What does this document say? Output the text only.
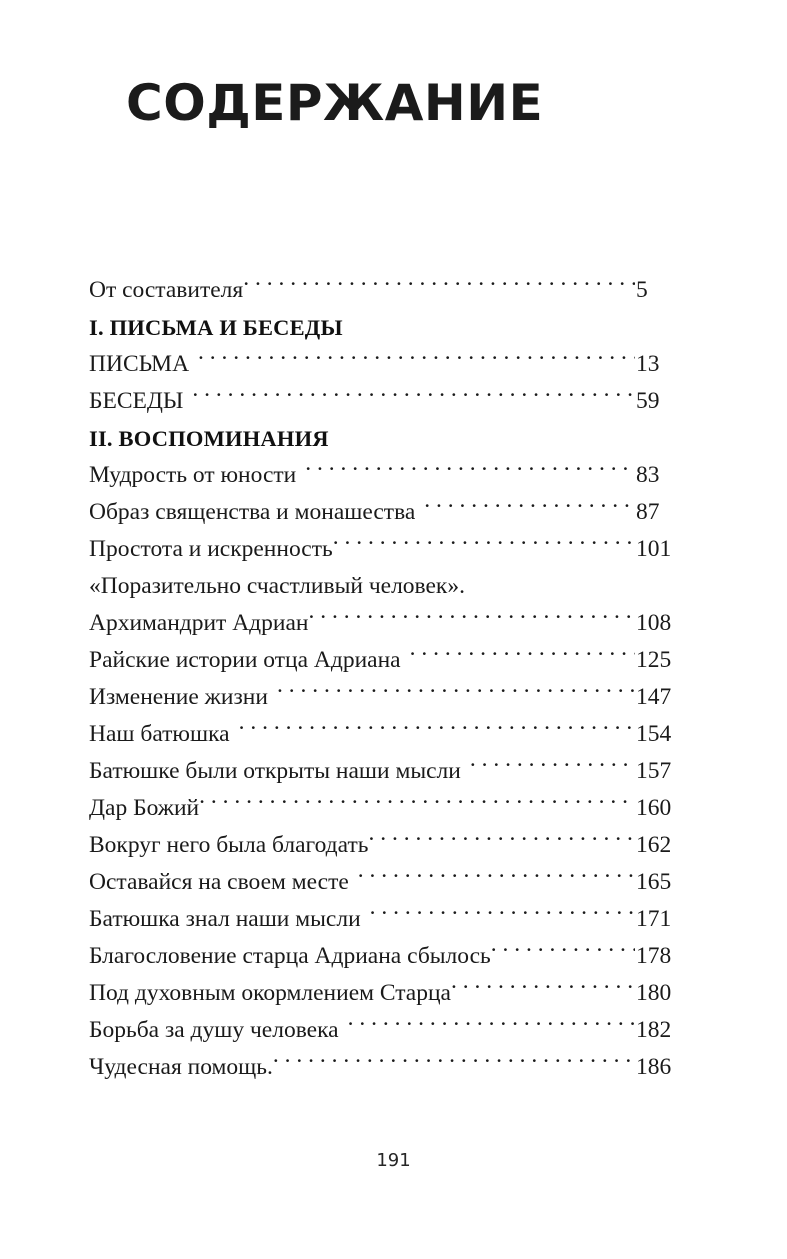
СОДЕРЖАНИЕ
От составителя . . .	5
I. ПИСЬМА И БЕСЕДЫ
ПИСЬМА . . .	13
БЕСЕДЫ . . .	59
II. ВОСПОМИНАНИЯ
Мудрость от юности . . .	83
Образ священства и монашества . . .	87
Простота и искренность . . .	101
«Поразительно счастливый человек».
Архимандрит Адриан . . .	108
Райские истории отца Адриана . . .	125
Изменение жизни . . .	147
Наш батюшка . . .	154
Батюшке были открыты наши мысли . . .	157
Дар Божий . . .	160
Вокруг него была благодать . . .	162
Оставайся на своем месте . . .	165
Батюшка знал наши мысли . . .	171
Благословение старца Адриана сбылось . . .	178
Под духовным окормлением Старца . . .	180
Борьба за душу человека . . .	182
Чудесная помощь. . . .	186
191
